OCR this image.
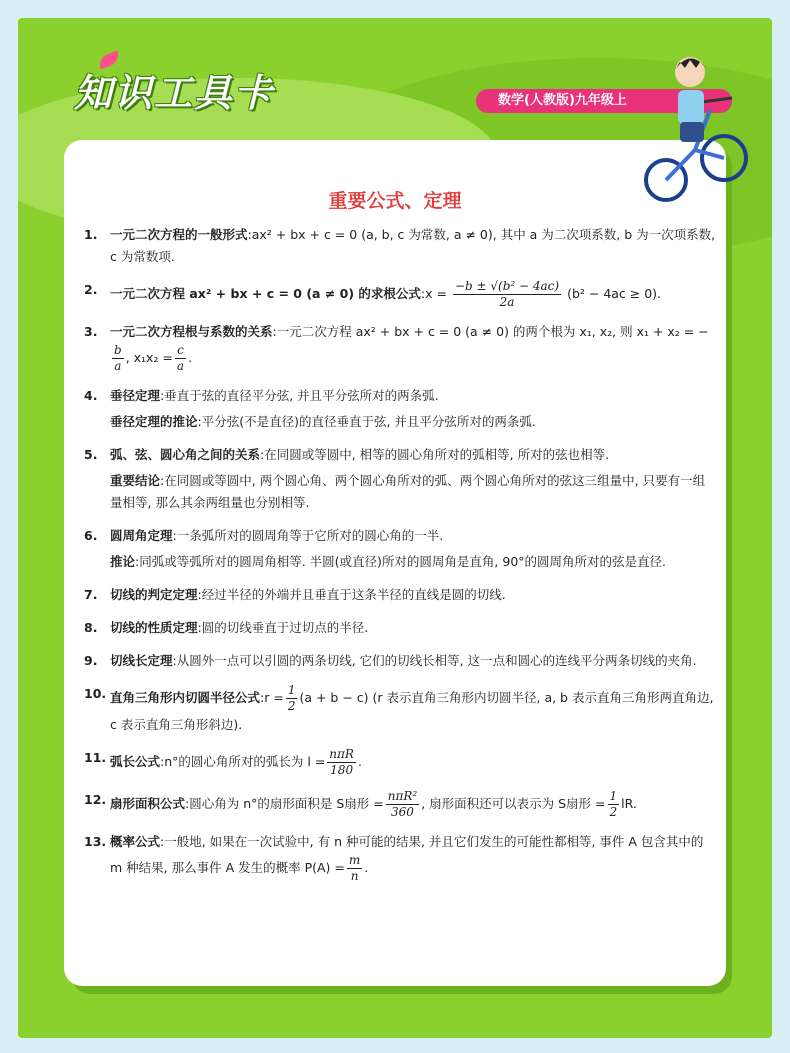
知识工具卡	数学(人教版)九年级上
重要公式、定理
1. 一元二次方程的一般形式:ax² + bx + c = 0 (a, b, c 为常数, a ≠ 0), 其中 a 为二次项系数, b 为一次项系数, c 为常数项.
2. 一元二次方程 ax² + bx + c = 0 (a ≠ 0) 的求根公式:x = $\frac{\text{−b ± √(b² − 4ac)}}{2a} (b^2 - 4ac \ge 0)$.
3. 一元二次方程根与系数的关系:一元二次方程 ax² + bx + c = 0 (a ≠ 0) 的两个根为 x₁, x₂, 则 x₁ + x₂ = −
$\frac{b}{a}$ , $x_1x_2 = \frac{c}{a}$ .
4. 垂径定理:垂直于弦的直径平分弦, 并且平分弦所对的两条弧.
垂径定理的推论:平分弦(不是直径)的直径垂直于弦, 并且平分弦所对的两条弧.
5. 弧、弦、圆心角之间的关系:在同圆或等圆中, 相等的圆心角所对的弧相等, 所对的弦也相等.
重要结论:在同圆或等圆中, 两个圆心角、两个圆心角所对的弧、两个圆心角所对的弦这三组量中, 只要有一组量相等, 那么其余两组量也分别相等.
6. 圆周角定理:一条弧所对的圆周角等于它所对的圆心角的一半.
推论:同弧或等弧所对的圆周角相等. 半圆(或直径)所对的圆周角是直角, 90°的圆周角所对的弦是直径.
7. 切线的判定定理:经过半径的外端并且垂直于这条半径的直线是圆的切线.
8. 切线的性质定理:圆的切线垂直于过切点的半径.
9. 切线长定理:从圆外一点可以引圆的两条切线, 它们的切线长相等, 这一点和圆心的连线平分两条切线的夹角.
10. 直角三角形内切圆半径公式:r = $\frac{1}{2} (a + b - c)$ (r 表示直角三角形内切圆半径, a, b 表示直角三角形两直角边, c 表示直角三角形斜边).
11. 弧长公式:n°的圆心角所对的弧长为 $l = \frac{\text{nπR}}{180}$ .
12. 扇形面积公式:圆心角为 n°的扇形面积是 S扇形 = $\frac{\text{nπR²}}{360}$ , 扇形面积还可以表示为 S扇形 = $\frac{1}{2}$ lR.
13. 概率公式:一般地, 如果在一次试验中, 有 n 种可能的结果, 并且它们发生的可能性都相等, 事件 A 包含其中的 m 种结果, 那么事件 A 发生的概率 $P(A) = \frac{m}{n}$ .
